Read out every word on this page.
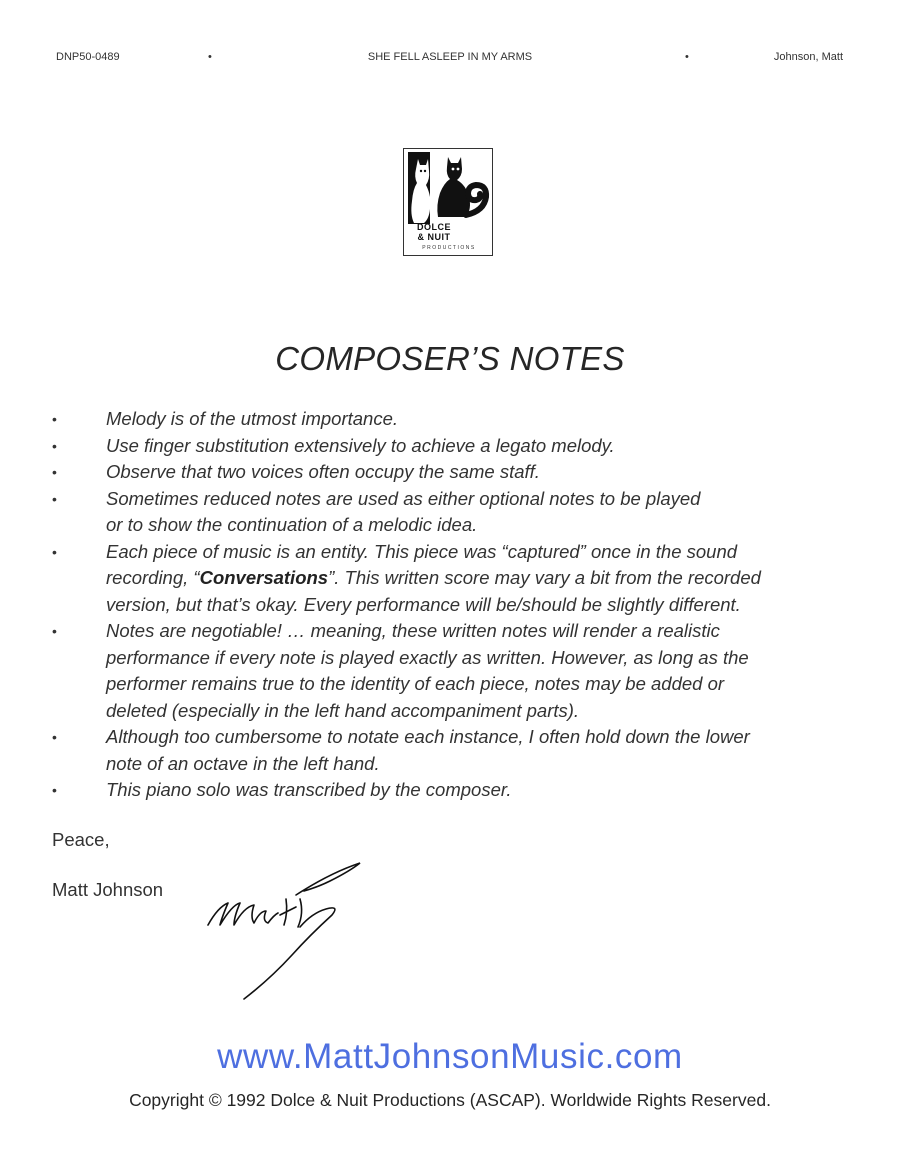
DNP50-0489	•	SHE FELL ASLEEP IN MY ARMS	•	Johnson, Matt
DOLCE
& NUIT
PRODUCTIONS
COMPOSER’S NOTES
•	Melody is of the utmost importance.
•	Use finger substitution extensively to achieve a legato melody.
•	Observe that two voices often occupy the same staff.
•	Sometimes reduced notes are used as either optional notes to be played
or to show the continuation of a melodic idea.
•	Each piece of music is an entity. This piece was “captured” once in the sound
recording, “Conversations”. This written score may vary a bit from the recorded
version, but that’s okay. Every performance will be/should be slightly different.
•	Notes are negotiable! … meaning, these written notes will render a realistic
performance if every note is played exactly as written. However, as long as the
performer remains true to the identity of each piece, notes may be added or
deleted (especially in the left hand accompaniment parts).
•	Although too cumbersome to notate each instance, I often hold down the lower
note of an octave in the left hand.
•	This piano solo was transcribed by the composer.
Peace,
Matt Johnson
www.MattJohnsonMusic.com
Copyright © 1992 Dolce & Nuit Productions (ASCAP). Worldwide Rights Reserved.
